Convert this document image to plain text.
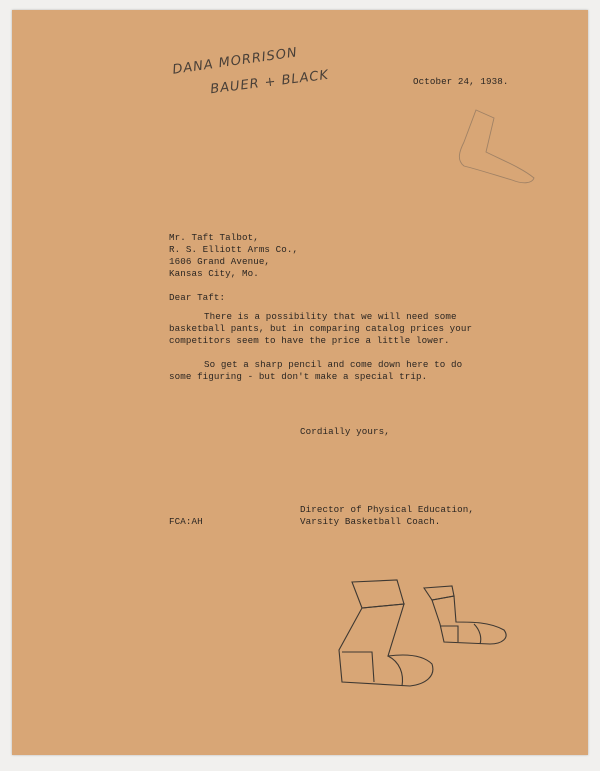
DANA MORRISON
BAUER + BLACK	October 24, 1938.
Mr. Taft Talbot,
R. S. Elliott Arms Co.,
1606 Grand Avenue,
Kansas City, Mo.
Dear Taft:
There is a possibility that we will need some
basketball pants, but in comparing catalog prices your
competitors seem to have the price a little lower.
So get a sharp pencil and come down here to do
some figuring - but don't make a special trip.
Cordially yours,
Director of Physical Education,
Varsity Basketball Coach.
FCA:AH
